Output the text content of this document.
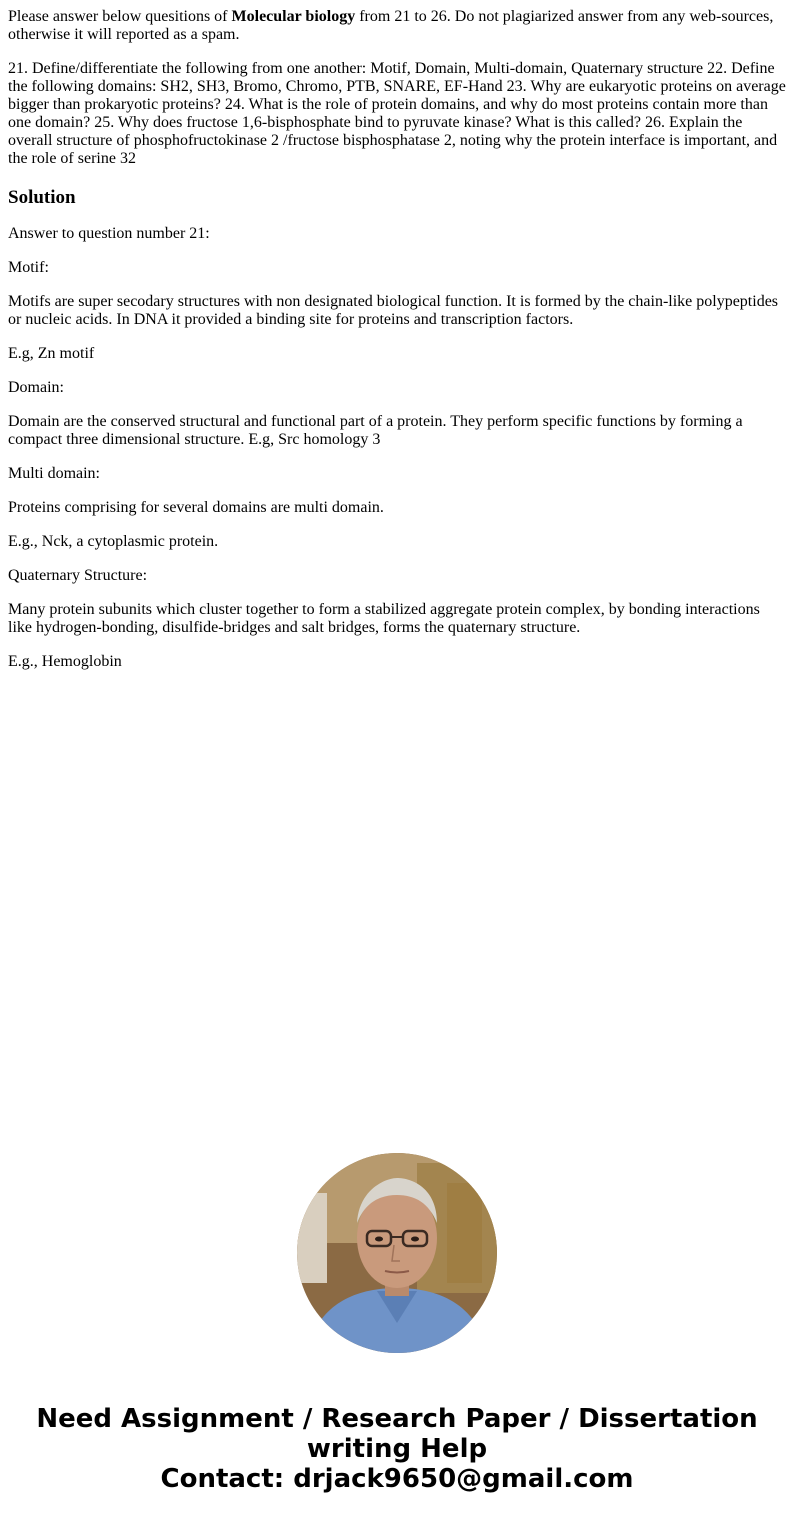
Please answer below quesitions of Molecular biology from 21 to 26. Do not plagiarized answer from any web-sources, otherwise it will reported as a spam.

21. Define/differentiate the following from one another: Motif, Domain, Multi-domain, Quaternary structure 22. Define the following domains: SH2, SH3, Bromo, Chromo, PTB, SNARE, EF-Hand 23. Why are eukaryotic proteins on average bigger than prokaryotic proteins? 24. What is the role of protein domains, and why do most proteins contain more than one domain? 25. Why does fructose 1,6-bisphosphate bind to pyruvate kinase? What is this called? 26. Explain the overall structure of phosphofructokinase 2 /fructose bisphosphatase 2, noting why the protein interface is important, and the role of serine 32

Solution

Answer to question number 21:

Motif:

Motifs are super secodary structures with non designated biological function. It is formed by the chain-like polypeptides or nucleic acids. In DNA it provided a binding site for proteins and transcription factors.

E.g, Zn motif

Domain:

Domain are the conserved structural and functional part of a protein. They perform specific functions by forming a compact three dimensional structure. E.g, Src homology 3

Multi domain:

Proteins comprising for several domains are multi domain.

E.g., Nck, a cytoplasmic protein.

Quaternary Structure:

Many protein subunits which cluster together to form a stabilized aggregate protein complex, by bonding interactions like hydrogen-bonding, disulfide-bridges and salt bridges, forms the quaternary structure.

E.g., Hemoglobin

Need Assignment / Research Paper / Dissertation
writing Help
Contact: drjack9650@gmail.com
